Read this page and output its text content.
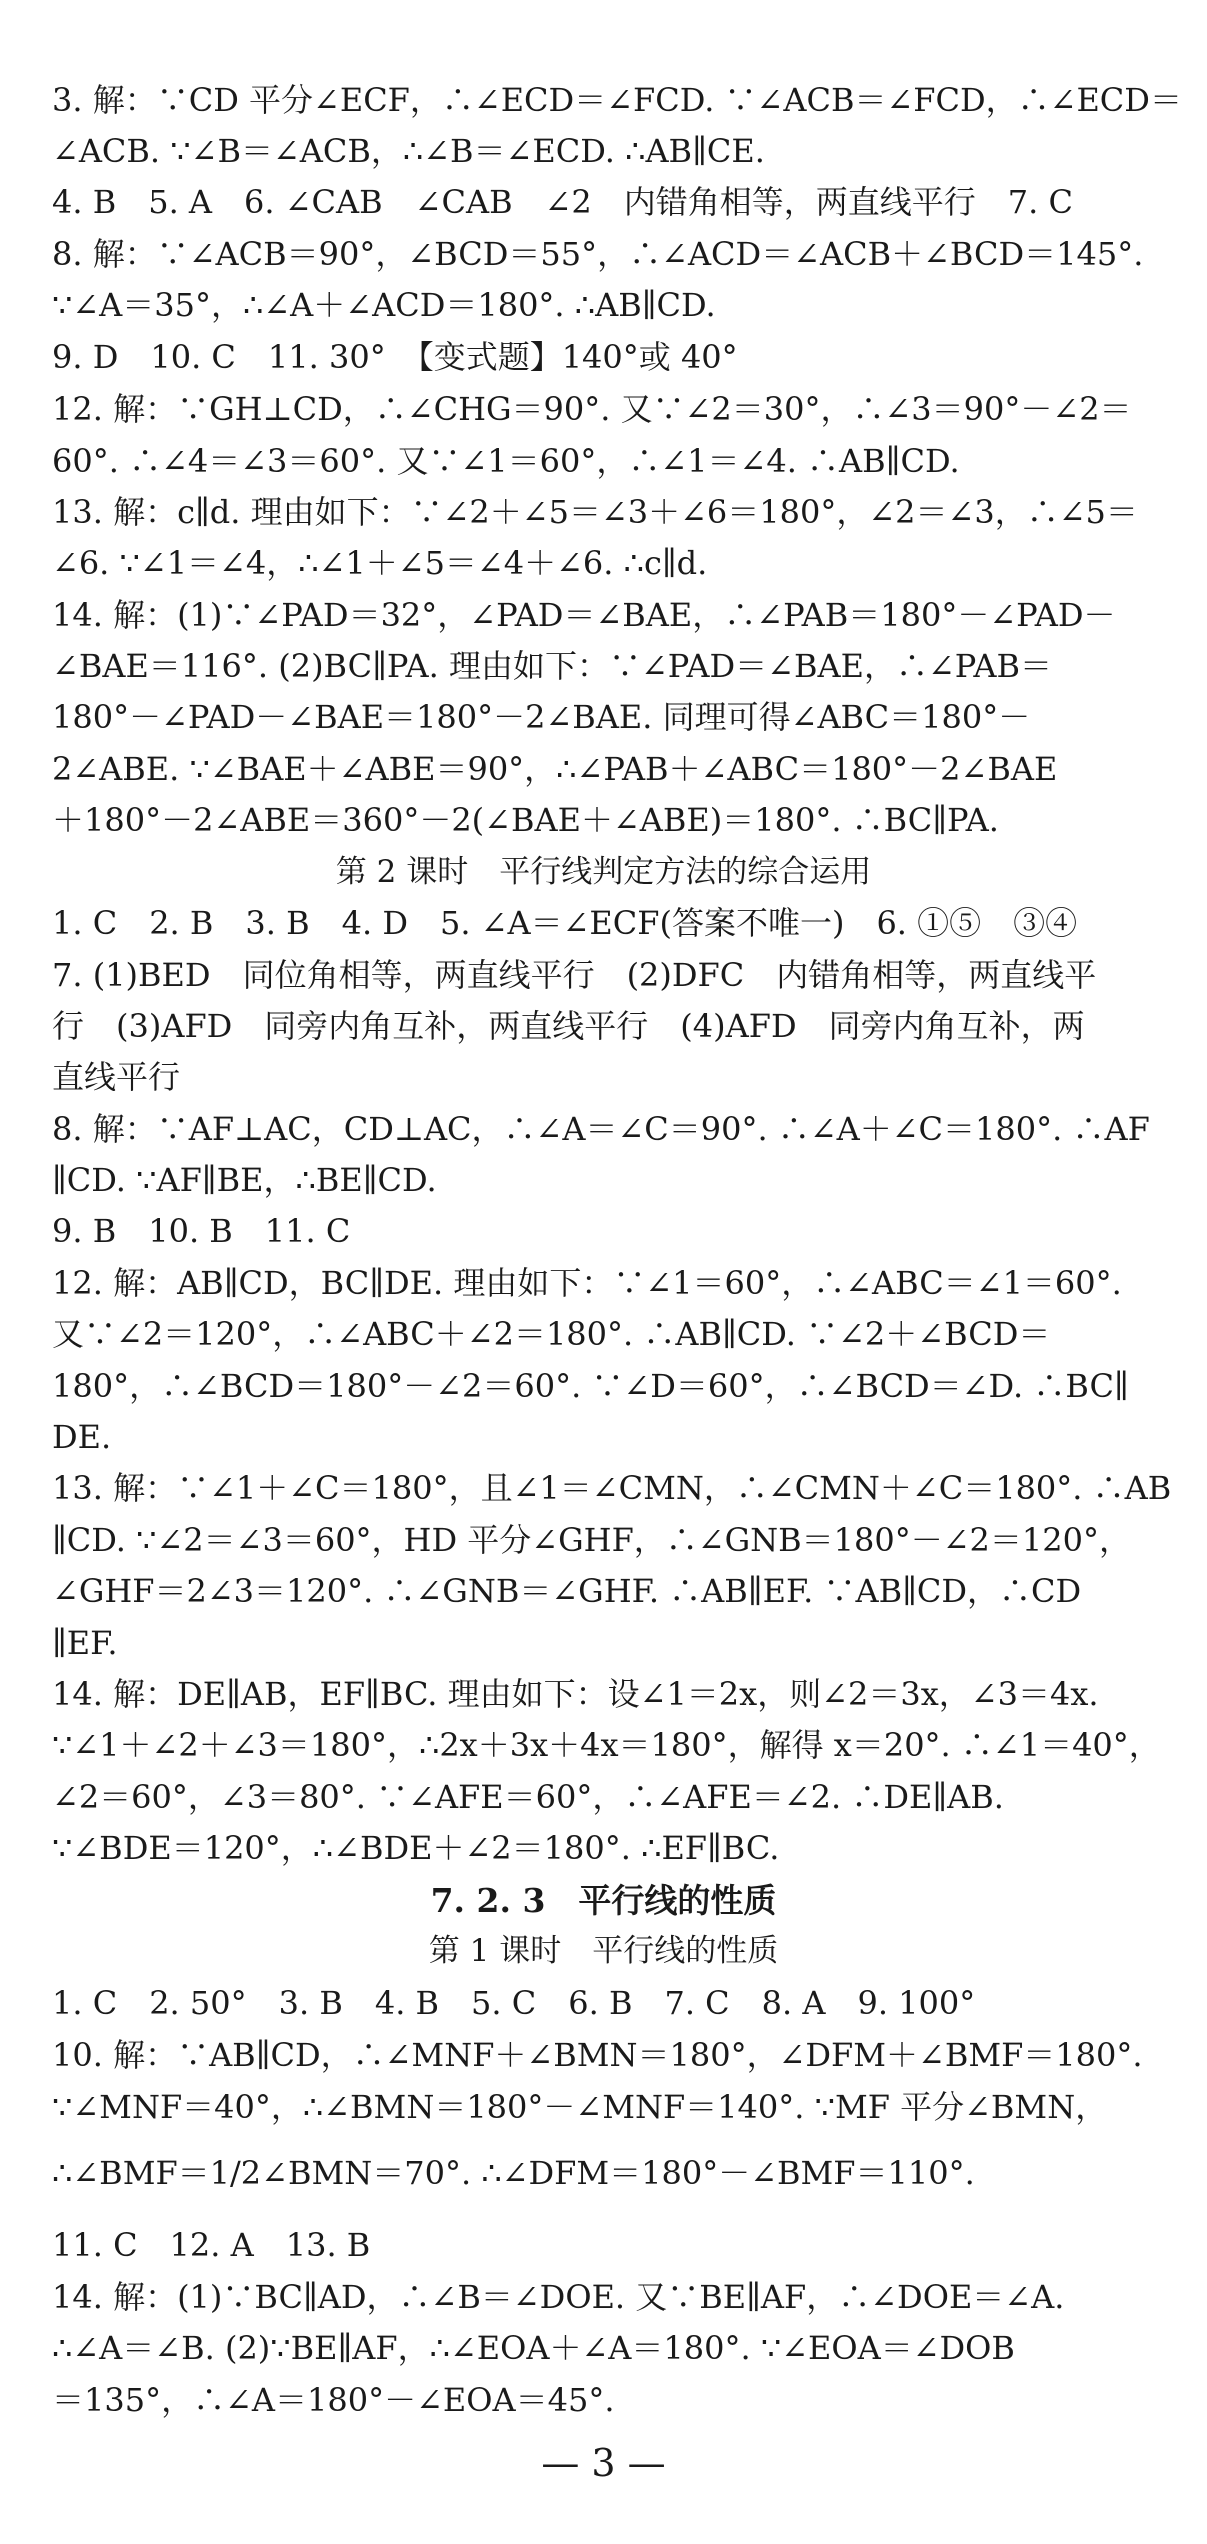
3. 解：∵CD 平分∠ECF，∴∠ECD＝∠FCD. ∵∠ACB＝∠FCD，∴∠ECD＝
∠ACB. ∵∠B＝∠ACB，∴∠B＝∠ECD. ∴AB∥CE.
4. B　5. A　6. ∠CAB　∠CAB　∠2　内错角相等，两直线平行　7. C
8. 解：∵∠ACB＝90°，∠BCD＝55°，∴∠ACD＝∠ACB＋∠BCD＝145°.
∵∠A＝35°，∴∠A＋∠ACD＝180°. ∴AB∥CD.
9. D　10. C　11. 30°　【变式题】140°或 40°
12. 解：∵GH⊥CD，∴∠CHG＝90°. 又∵∠2＝30°，∴∠3＝90°－∠2＝
60°. ∴∠4＝∠3＝60°. 又∵∠1＝60°，∴∠1＝∠4. ∴AB∥CD.
13. 解：c∥d. 理由如下：∵∠2＋∠5＝∠3＋∠6＝180°，∠2＝∠3，∴∠5＝
∠6. ∵∠1＝∠4，∴∠1＋∠5＝∠4＋∠6. ∴c∥d.
14. 解：(1)∵∠PAD＝32°，∠PAD＝∠BAE，∴∠PAB＝180°－∠PAD－
∠BAE＝116°. (2)BC∥PA. 理由如下：∵∠PAD＝∠BAE，∴∠PAB＝
180°－∠PAD－∠BAE＝180°－2∠BAE. 同理可得∠ABC＝180°－
2∠ABE. ∵∠BAE＋∠ABE＝90°，∴∠PAB＋∠ABC＝180°－2∠BAE
＋180°－2∠ABE＝360°－2(∠BAE＋∠ABE)＝180°. ∴BC∥PA.
第 2 课时　平行线判定方法的综合运用
1. C　2. B　3. B　4. D　5. ∠A＝∠ECF(答案不唯一)　6. ①⑤　③④
7. (1)BED　同位角相等，两直线平行　(2)DFC　内错角相等，两直线平
行　(3)AFD　同旁内角互补，两直线平行　(4)AFD　同旁内角互补，两
直线平行
8. 解：∵AF⊥AC，CD⊥AC，∴∠A＝∠C＝90°. ∴∠A＋∠C＝180°. ∴AF
∥CD. ∵AF∥BE，∴BE∥CD.
9. B　10. B　11. C
12. 解：AB∥CD，BC∥DE. 理由如下：∵∠1＝60°，∴∠ABC＝∠1＝60°.
又∵∠2＝120°，∴∠ABC＋∠2＝180°. ∴AB∥CD. ∵∠2＋∠BCD＝
180°，∴∠BCD＝180°－∠2＝60°. ∵∠D＝60°，∴∠BCD＝∠D. ∴BC∥
DE.
13. 解：∵∠1＋∠C＝180°，且∠1＝∠CMN，∴∠CMN＋∠C＝180°. ∴AB
∥CD. ∵∠2＝∠3＝60°，HD 平分∠GHF，∴∠GNB＝180°－∠2＝120°，
∠GHF＝2∠3＝120°. ∴∠GNB＝∠GHF. ∴AB∥EF. ∵AB∥CD，∴CD
∥EF.
14. 解：DE∥AB，EF∥BC. 理由如下：设∠1＝2x，则∠2＝3x，∠3＝4x.
∵∠1＋∠2＋∠3＝180°，∴2x＋3x＋4x＝180°，解得 x＝20°. ∴∠1＝40°，
∠2＝60°，∠3＝80°. ∵∠AFE＝60°，∴∠AFE＝∠2. ∴DE∥AB.
∵∠BDE＝120°，∴∠BDE＋∠2＝180°. ∴EF∥BC.
7. 2. 3　平行线的性质
第 1 课时　平行线的性质
1. C　2. 50°　3. B　4. B　5. C　6. B　7. C　8. A　9. 100°
10. 解：∵AB∥CD，∴∠MNF＋∠BMN＝180°，∠DFM＋∠BMF＝180°.
∵∠MNF＝40°，∴∠BMN＝180°－∠MNF＝140°. ∵MF 平分∠BMN，
∴∠BMF＝1/2∠BMN＝70°. ∴∠DFM＝180°－∠BMF＝110°.
11. C　12. A　13. B
14. 解：(1)∵BC∥AD，∴∠B＝∠DOE. 又∵BE∥AF，∴∠DOE＝∠A.
∴∠A＝∠B. (2)∵BE∥AF，∴∠EOA＋∠A＝180°. ∵∠EOA＝∠DOB
＝135°，∴∠A＝180°－∠EOA＝45°.
— 3 —
